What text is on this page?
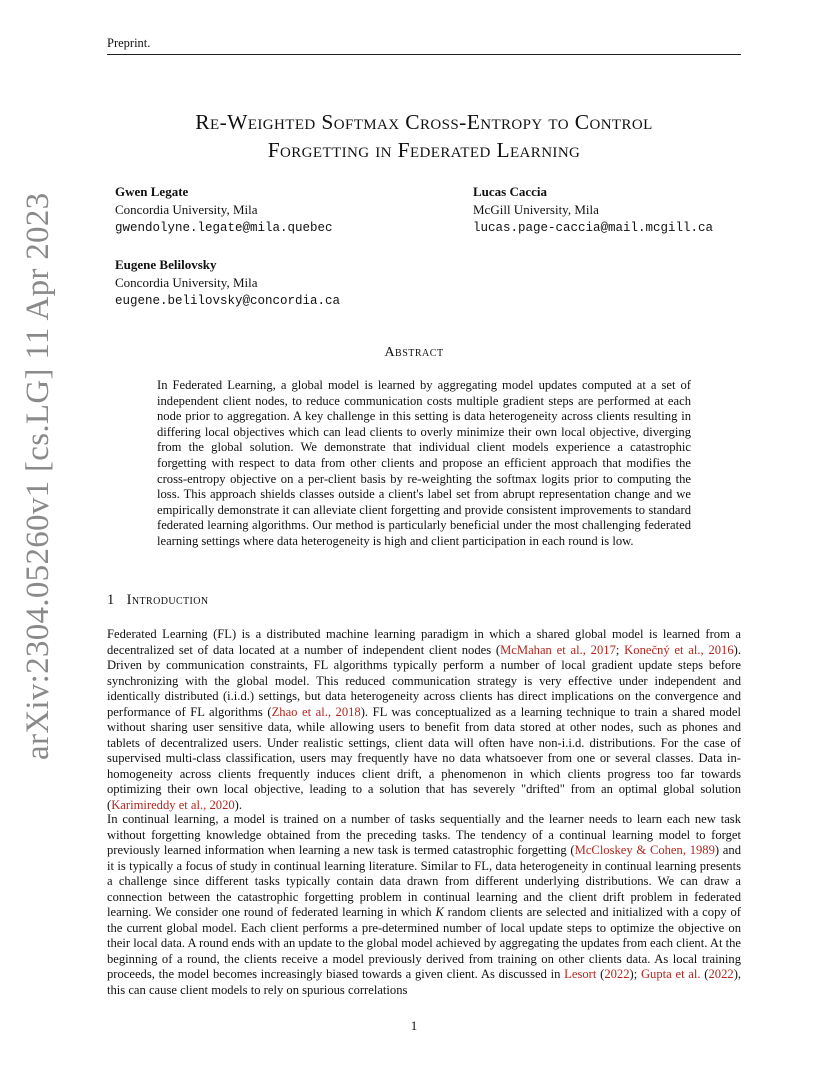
Preprint.
arXiv:2304.05260v1 [cs.LG] 11 Apr 2023
Re-Weighted Softmax Cross-Entropy to Control
Forgetting in Federated Learning
Gwen Legate
Concordia University, Mila
gwendolyne.legate@mila.quebec
Lucas Caccia
McGill University, Mila
lucas.page-caccia@mail.mcgill.ca
Eugene Belilovsky
Concordia University, Mila
eugene.belilovsky@concordia.ca
Abstract
In Federated Learning, a global model is learned by aggregating model updates computed at a set of independent client nodes, to reduce communication costs multiple gradient steps are performed at each node prior to aggregation. A key challenge in this setting is data heterogeneity across clients resulting in differing local objectives which can lead clients to overly minimize their own local objective, diverging from the global solution. We demonstrate that individual client models experience a catastrophic forgetting with respect to data from other clients and propose an efficient approach that modifies the cross-entropy objective on a per-client basis by re-weighting the softmax logits prior to computing the loss. This approach shields classes outside a client's label set from abrupt representation change and we empirically demonstrate it can alleviate client forgetting and provide consistent improvements to standard federated learning algorithms. Our method is particularly beneficial under the most challenging federated learning settings where data heterogeneity is high and client participation in each round is low.
1 Introduction
Federated Learning (FL) is a distributed machine learning paradigm in which a shared global model is learned from a decentralized set of data located at a number of independent client nodes (McMahan et al., 2017; Konečný et al., 2016). Driven by communication constraints, FL algorithms typically perform a number of local gradient update steps before synchronizing with the global model. This reduced communication strategy is very effective under independent and identically distributed (i.i.d.) settings, but data heterogeneity across clients has direct implications on the convergence and performance of FL algorithms (Zhao et al., 2018). FL was conceptualized as a learning technique to train a shared model without sharing user sensitive data, while allowing users to benefit from data stored at other nodes, such as phones and tablets of decentralized users. Under realistic settings, client data will often have non-i.i.d. distributions. For the case of supervised multi-class classification, users may frequently have no data whatsoever from one or several classes. Data in-homogeneity across clients frequently induces client drift, a phenomenon in which clients progress too far towards optimizing their own local objective, leading to a solution that has severely "drifted" from an optimal global solution (Karimireddy et al., 2020).
In continual learning, a model is trained on a number of tasks sequentially and the learner needs to learn each new task without forgetting knowledge obtained from the preceding tasks. The tendency of a continual learning model to forget previously learned information when learning a new task is termed catastrophic forgetting (McCloskey & Cohen, 1989) and it is typically a focus of study in continual learning literature. Similar to FL, data heterogeneity in continual learning presents a challenge since different tasks typically contain data drawn from different underlying distributions. We can draw a connection between the catastrophic forgetting problem in continual learning and the client drift problem in federated learning. We consider one round of federated learning in which K random clients are selected and initialized with a copy of the current global model. Each client performs a pre-determined number of local update steps to optimize the objective on their local data. A round ends with an update to the global model achieved by aggregating the updates from each client. At the beginning of a round, the clients receive a model previously derived from training on other clients data. As local training proceeds, the model becomes increasingly biased towards a given client. As discussed in Lesort (2022); Gupta et al. (2022), this can cause client models to rely on spurious correlations
1
